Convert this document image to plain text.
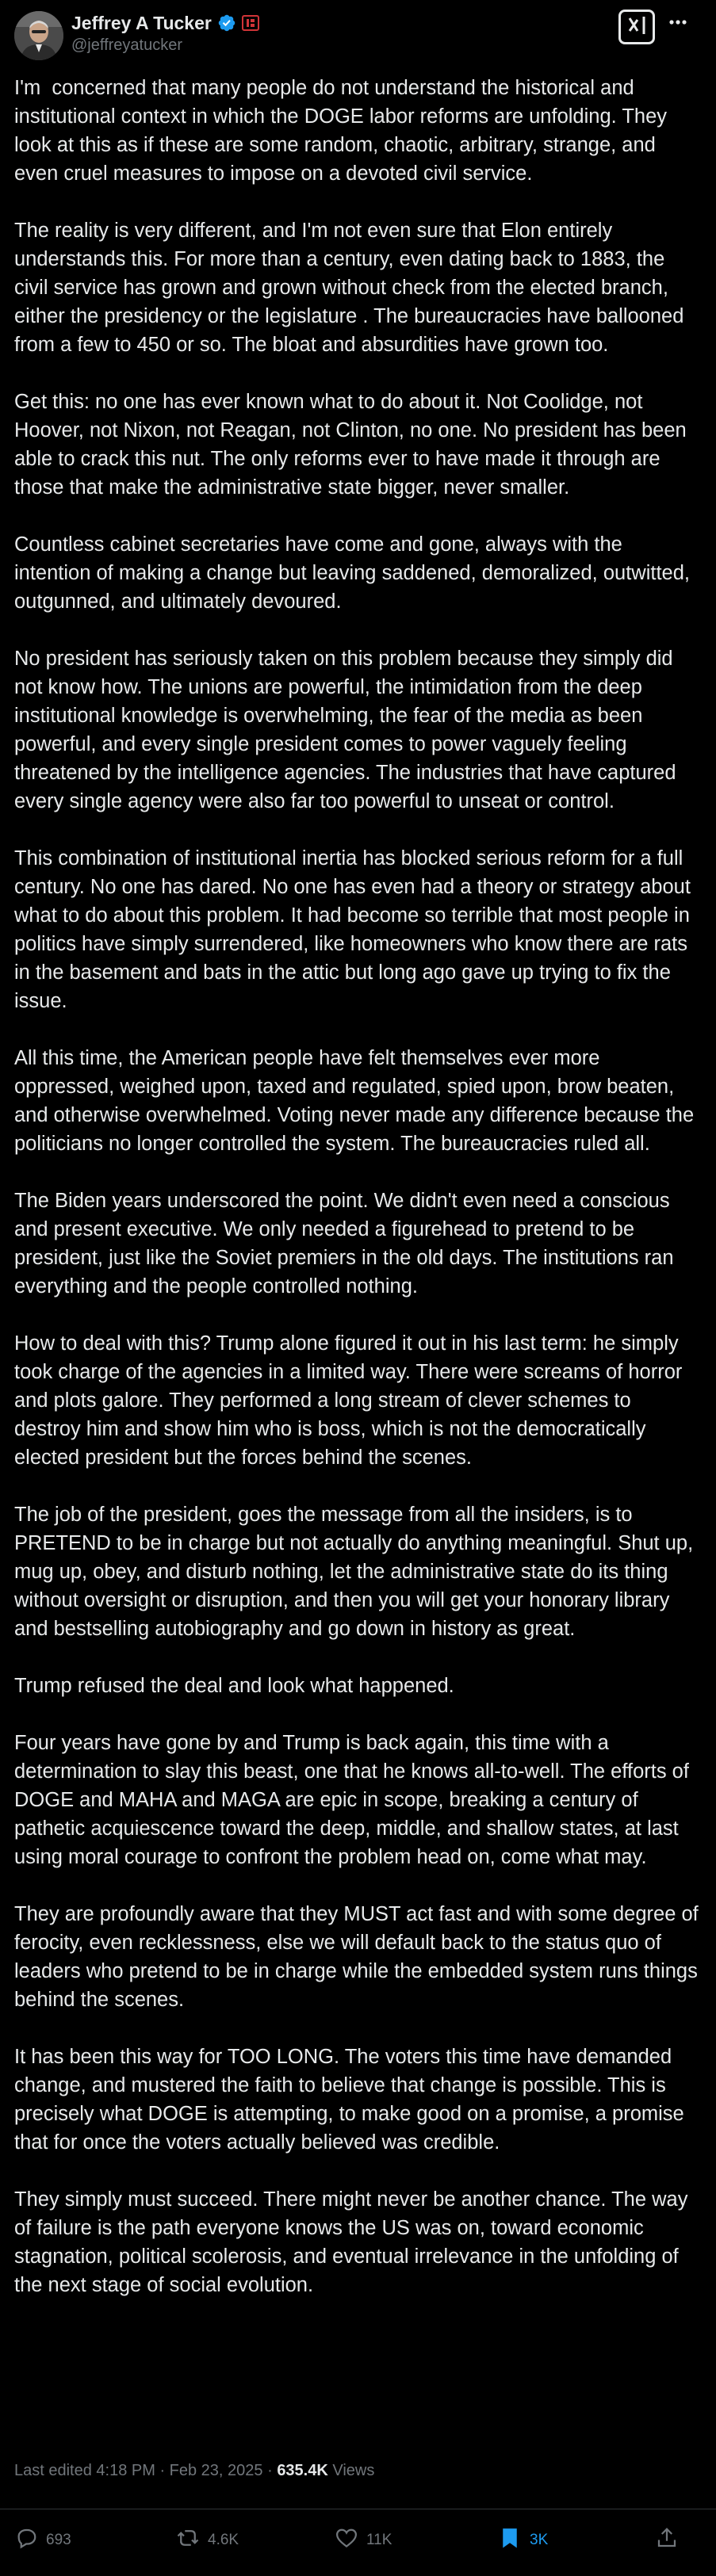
Jeffrey A Tucker
@jeffreyatucker

I'm  concerned that many people do not understand the historical and institutional context in which the DOGE labor reforms are unfolding. They look at this as if these are some random, chaotic, arbitrary, strange, and even cruel measures to impose on a devoted civil service.

The reality is very different, and I'm not even sure that Elon entirely understands this. For more than a century, even dating back to 1883, the civil service has grown and grown without check from the elected branch, either the presidency or the legislature . The bureaucracies have ballooned from a few to 450 or so. The bloat and absurdities have grown too.

Get this: no one has ever known what to do about it. Not Coolidge, not Hoover, not Nixon, not Reagan, not Clinton, no one. No president has been able to crack this nut. The only reforms ever to have made it through are those that make the administrative state bigger, never smaller.

Countless cabinet secretaries have come and gone, always with the intention of making a change but leaving saddened, demoralized, outwitted, outgunned, and ultimately devoured.

No president has seriously taken on this problem because they simply did not know how. The unions are powerful, the intimidation from the deep institutional knowledge is overwhelming, the fear of the media as been powerful, and every single president comes to power vaguely feeling threatened by the intelligence agencies. The industries that have captured every single agency were also far too powerful to unseat or control.

This combination of institutional inertia has blocked serious reform for a full century. No one has dared. No one has even had a theory or strategy about what to do about this problem. It had become so terrible that most people in politics have simply surrendered, like homeowners who know there are rats in the basement and bats in the attic but long ago gave up trying to fix the issue.

All this time, the American people have felt themselves ever more oppressed, weighed upon, taxed and regulated, spied upon, brow beaten, and otherwise overwhelmed. Voting never made any difference because the politicians no longer controlled the system. The bureaucracies ruled all.

The Biden years underscored the point. We didn't even need a conscious and present executive. We only needed a figurehead to pretend to be president, just like the Soviet premiers in the old days. The institutions ran everything and the people controlled nothing.

How to deal with this? Trump alone figured it out in his last term: he simply took charge of the agencies in a limited way. There were screams of horror and plots galore. They performed a long stream of clever schemes to destroy him and show him who is boss, which is not the democratically elected president but the forces behind the scenes.

The job of the president, goes the message from all the insiders, is to PRETEND to be in charge but not actually do anything meaningful. Shut up, mug up, obey, and disturb nothing, let the administrative state do its thing without oversight or disruption, and then you will get your honorary library and bestselling autobiography and go down in history as great.

Trump refused the deal and look what happened.

Four years have gone by and Trump is back again, this time with a determination to slay this beast, one that he knows all-to-well. The efforts of DOGE and MAHA and MAGA are epic in scope, breaking a century of pathetic acquiescence toward the deep, middle, and shallow states, at last using moral courage to confront the problem head on, come what may.

They are profoundly aware that they MUST act fast and with some degree of ferocity, even recklessness, else we will default back to the status quo of leaders who pretend to be in charge while the embedded system runs things behind the scenes.

It has been this way for TOO LONG. The voters this time have demanded change, and mustered the faith to believe that change is possible. This is precisely what DOGE is attempting, to make good on a promise, a promise that for once the voters actually believed was credible.

They simply must succeed. There might never be another chance. The way of failure is the path everyone knows the US was on, toward economic stagnation, political scolerosis, and eventual irrelevance in the unfolding of the next stage of social evolution.

Last edited 4:18 PM · Feb 23, 2025 · 635.4K Views
693	4.6K	11K	3K
